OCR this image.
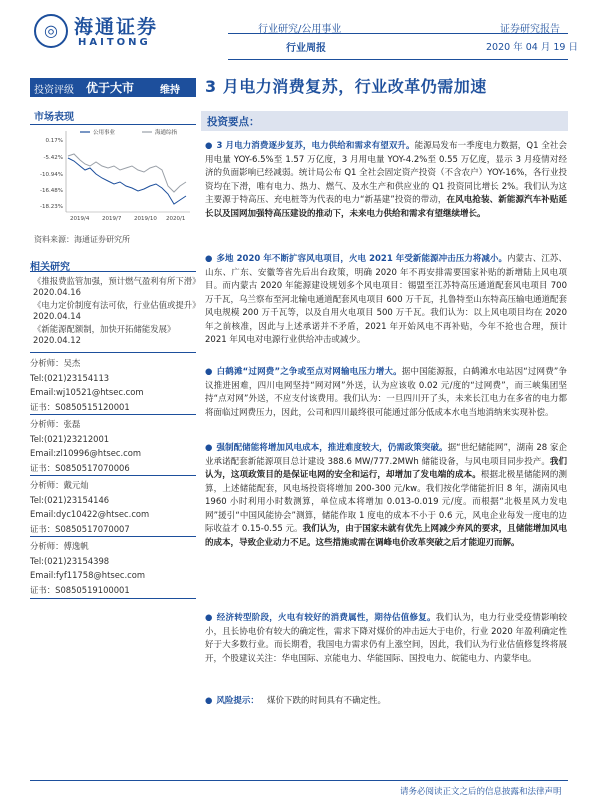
◎ 海通证券
HAITONG
行业研究/公用事业
行业周报
证券研究报告
2020 年 04 月 19 日
投资评级 优于大市	维持 3 月电力消费复苏，行业改革仍需加速
市场表现
0.17%
-5.42%
-10.94%
-16.48%
-18.23%
2019/4 2019/7 2019/10 2020/1
公用事业	海通综指
资料来源：海通证券研究所
相关研究
《推报费监管加强，预计燃气盈利有所下滑》
2020.04.16
《电力定价制度有法可依，行业估值或提升》
2020.04.14
《新能源配额制，加快开拓储能发展》
2020.04.12
分析师：吴杰
Tel:(021)23154113
Email:wj10521@htsec.com
证书：S0850515120001
分析师：张磊
Tel:(021)23212001
Email:zl10996@htsec.com
证书：S0850517070006
分析师：戴元灿
Tel:(021)23154146
Email:dyc10422@htsec.com
证书：S0850517070007
分析师：傅逸帆
Tel:(021)23154398
Email:fyf11758@htsec.com
证书：S0850519100001
投资要点：

● 3 月电力消费逐步复苏，电力供给和需求有望双升。能源局发布一季度电力数据，Q1 全社会用电量 YOY-6.5%至 1.57 万亿度，3 月用电量 YOY-4.2%至 0.55 万亿度，显示 3 月疫情对经济的负面影响已经减弱。统计局公布 Q1 全社会固定资产投资（不含农户）YOY-16%，各行业投资均在下滑，唯有电力、热力、燃气、及水生产和供应业的 Q1 投资同比增长 2%。我们认为这主要源于特高压、充电桩等为代表的电力“新基建”投资的带动，在风电抢装、新能源汽车补贴延长以及国网加强特高压建设的推动下，未来电力供给和需求有望继续增长。

● 多地 2020 年不断扩容风电项目，火电 2021 年受新能源冲击压力将减小。内蒙古、江苏、山东、广东、安徽等省先后出台政策，明确 2020 年不再安排需要国家补贴的新增陆上风电项目。而内蒙古 2020 年能源建设规划多个风电项目：锡盟至江苏特高压通道配套风电项目 700 万千瓦，乌兰察布至河北输电通道配套风电项目 600 万千瓦，扎鲁特至山东特高压输电通道配套风电规模 200 万千瓦等，以及自用火电项目 500 万千瓦。我们认为：以上风电项目均在 2020 年之前核准，因此与上述承诺并不矛盾，2021 年开始风电不再补贴，今年不抢也合理，预计 2021 年风电对电源行业供给冲击或减少。

● 白鹤滩“过网费”之争或至点对网输电压力增大。据中国能源报，白鹤滩水电站因“过网费”争议推进困难，四川电网坚持“网对网”外送，认为应该收 0.02 元/度的“过网费”，而三峡集团坚持“点对网”外送，不应支付该费用。我们认为：一旦四川开了头，未来长江电力在多省的电力都将面临过网费压力，因此，公司和四川最终很可能通过部分低成本水电当地消纳来实现补偿。

● 强制配储能将增加风电成本，推进难度较大，仍需政策突破。据“世纪储能网”，湖南 28 家企业承诺配套新能源项目总计建设 388.6 MW/777.2MWh 储能设备，与风电项目同步投产。我们认为，这项政策目的是保证电网的安全和运行，却增加了发电端的成本。根据北极星储能网的测算，上述储能配套，风电场投资将增加 200-300 元/kw。我们按化学储能折旧 8 年，湖南风电 1960 小时利用小时数测算，单位成本将增加 0.013-0.019 元/度。而根据“北极星风力发电网”援引“中国风能协会”测算，储能作取 1 度电的成本不小于 0.6 元，风电企业每发一度电的边际收益才 0.15-0.55 元。我们认为，由于国家未就有优先上网减少弃风的要求，且储能增加风电的成本，导致企业动力不足。这些措施或需在调峰电价改革突破之后才能迎刃而解。

● 经济转型阶段，火电有较好的消费属性，期待估值修复。我们认为，电力行业受疫情影响较小，且长协电价有较大的确定性，需求下降对煤价的冲击远大于电价，行业 2020 年盈利确定性好于大多数行业。而长期看，我国电力需求仍有上涨空间，因此，我们认为行业估值修复终将展开，个股建议关注：华电国际、京能电力、华能国际、国投电力、皖能电力、内蒙华电。

● 风险提示： 煤价下跌的时间具有不确定性。

请务必阅读正文之后的信息披露和法律声明
